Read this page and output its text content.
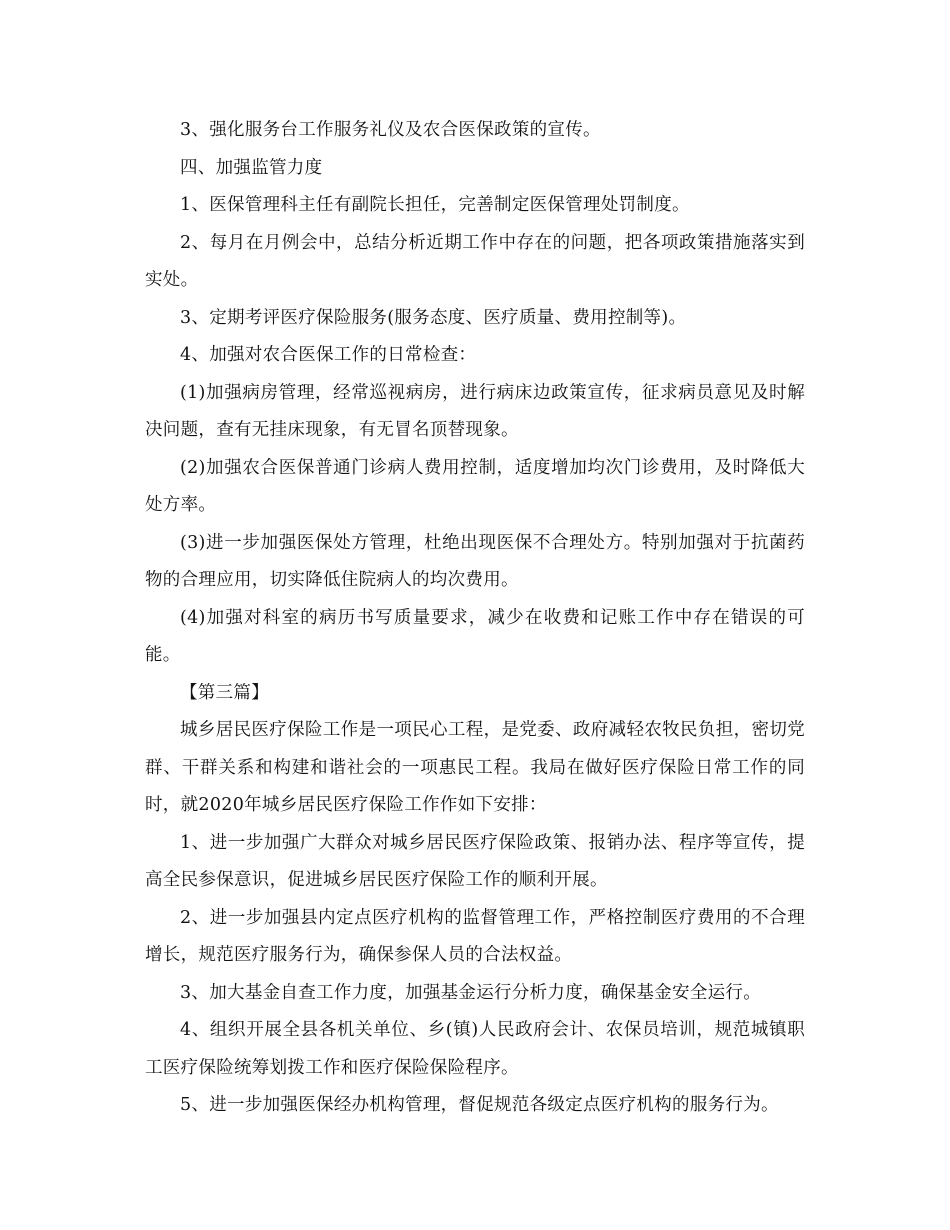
3、强化服务台工作服务礼仪及农合医保政策的宣传。

四、加强监管力度

1、医保管理科主任有副院长担任，完善制定医保管理处罚制度。

2、每月在月例会中，总结分析近期工作中存在的问题，把各项政策措施落实到实处。

3、定期考评医疗保险服务(服务态度、医疗质量、费用控制等)。

4、加强对农合医保工作的日常检查：

(1)加强病房管理，经常巡视病房，进行病床边政策宣传，征求病员意见及时解决问题，查有无挂床现象，有无冒名顶替现象。

(2)加强农合医保普通门诊病人费用控制，适度增加均次门诊费用，及时降低大处方率。

(3)进一步加强医保处方管理，杜绝出现医保不合理处方。特别加强对于抗菌药物的合理应用，切实降低住院病人的均次费用。

(4)加强对科室的病历书写质量要求，减少在收费和记账工作中存在错误的可能。

【第三篇】

城乡居民医疗保险工作是一项民心工程，是党委、政府减轻农牧民负担，密切党群、干群关系和构建和谐社会的一项惠民工程。我局在做好医疗保险日常工作的同时，就2020年城乡居民医疗保险工作作如下安排：

1、进一步加强广大群众对城乡居民医疗保险政策、报销办法、程序等宣传，提高全民参保意识，促进城乡居民医疗保险工作的顺利开展。

2、进一步加强县内定点医疗机构的监督管理工作，严格控制医疗费用的不合理增长，规范医疗服务行为，确保参保人员的合法权益。

3、加大基金自查工作力度，加强基金运行分析力度，确保基金安全运行。

4、组织开展全县各机关单位、乡(镇)人民政府会计、农保员培训，规范城镇职工医疗保险统筹划拨工作和医疗保险保险程序。

5、进一步加强医保经办机构管理，督促规范各级定点医疗机构的服务行为。
